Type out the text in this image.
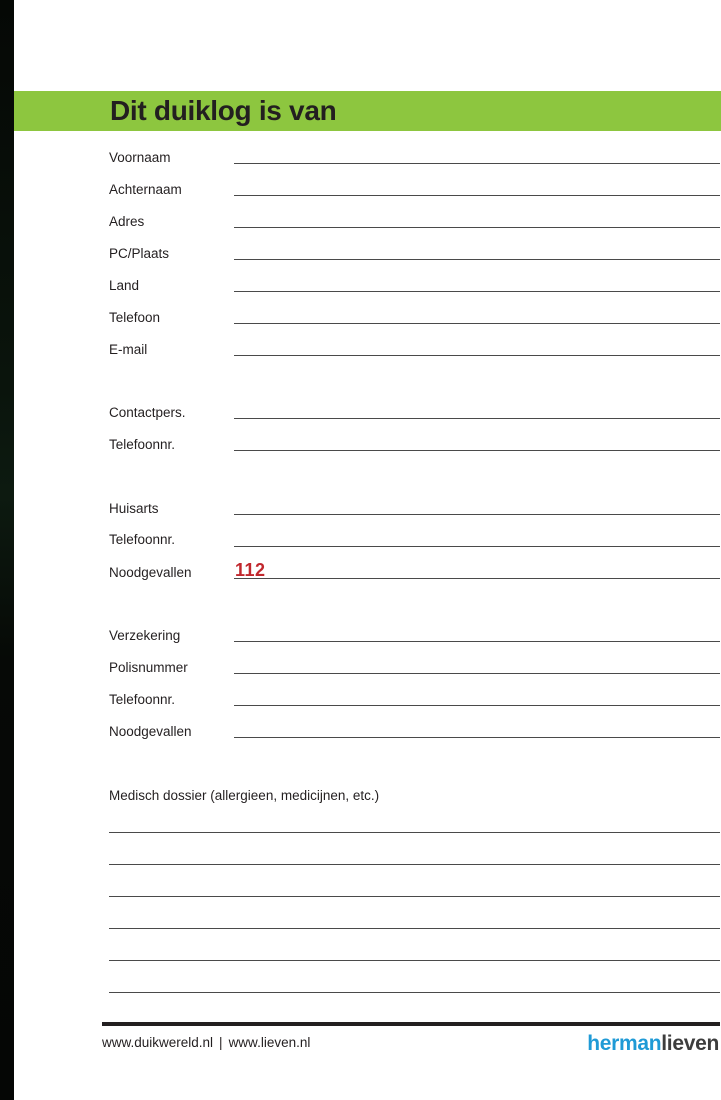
Dit duiklog is van
Voornaam
Achternaam
Adres
PC/Plaats
Land
Telefoon
E-mail
Contactpers.
Telefoonnr.
Huisarts
Telefoonnr.
Noodgevallen 112
Verzekering
Polisnummer
Telefoonnr.
Noodgevallen
Medisch dossier (allergieen, medicijnen, etc.)
www.duikwereld.nl | www.lieven.nl	hermanlieven
